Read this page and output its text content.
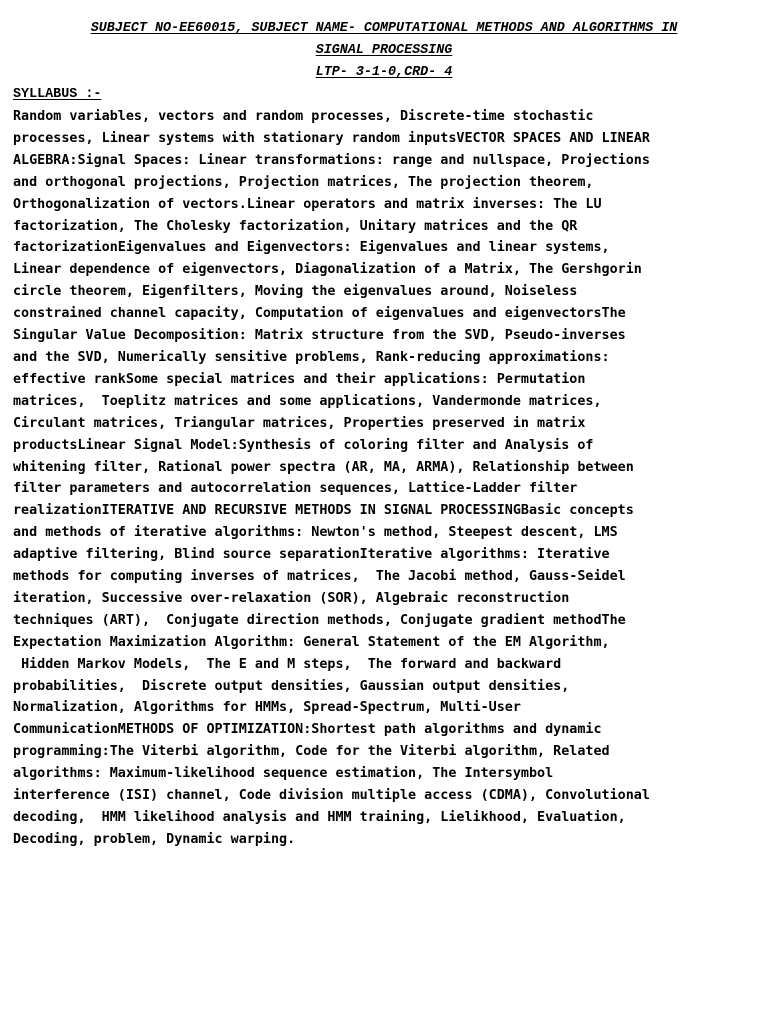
SUBJECT NO-EE60015, SUBJECT NAME- COMPUTATIONAL METHODS AND ALGORITHMS IN
SIGNAL PROCESSING
LTP- 3-1-0,CRD- 4
SYLLABUS :-
Random variables, vectors and random processes, Discrete-time stochastic
processes, Linear systems with stationary random inputsVECTOR SPACES AND LINEAR
ALGEBRA:Signal Spaces: Linear transformations: range and nullspace, Projections
and orthogonal projections, Projection matrices, The projection theorem,
Orthogonalization of vectors.Linear operators and matrix inverses: The LU
factorization, The Cholesky factorization, Unitary matrices and the QR
factorizationEigenvalues and Eigenvectors: Eigenvalues and linear systems,
Linear dependence of eigenvectors, Diagonalization of a Matrix, The Gershgorin
circle theorem, Eigenfilters, Moving the eigenvalues around, Noiseless
constrained channel capacity, Computation of eigenvalues and eigenvectorsThe
Singular Value Decomposition: Matrix structure from the SVD, Pseudo-inverses
and the SVD, Numerically sensitive problems, Rank-reducing approximations:
effective rankSome special matrices and their applications: Permutation
matrices,  Toeplitz matrices and some applications, Vandermonde matrices,
Circulant matrices, Triangular matrices, Properties preserved in matrix
productsLinear Signal Model:Synthesis of coloring filter and Analysis of
whitening filter, Rational power spectra (AR, MA, ARMA), Relationship between
filter parameters and autocorrelation sequences, Lattice-Ladder filter
realizationITERATIVE AND RECURSIVE METHODS IN SIGNAL PROCESSINGBasic concepts
and methods of iterative algorithms: Newton's method, Steepest descent, LMS
adaptive filtering, Blind source separationIterative algorithms: Iterative
methods for computing inverses of matrices,  The Jacobi method, Gauss-Seidel
iteration, Successive over-relaxation (SOR), Algebraic reconstruction
techniques (ART),  Conjugate direction methods, Conjugate gradient methodThe
Expectation Maximization Algorithm: General Statement of the EM Algorithm,
Hidden Markov Models,  The E and M steps,  The forward and backward
probabilities,  Discrete output densities, Gaussian output densities,
Normalization, Algorithms for HMMs, Spread-Spectrum, Multi-User
CommunicationMETHODS OF OPTIMIZATION:Shortest path algorithms and dynamic
programming:The Viterbi algorithm, Code for the Viterbi algorithm, Related
algorithms: Maximum-likelihood sequence estimation, The Intersymbol
interference (ISI) channel, Code division multiple access (CDMA), Convolutional
decoding,  HMM likelihood analysis and HMM training, Lielikhood, Evaluation,
Decoding, problem, Dynamic warping.
